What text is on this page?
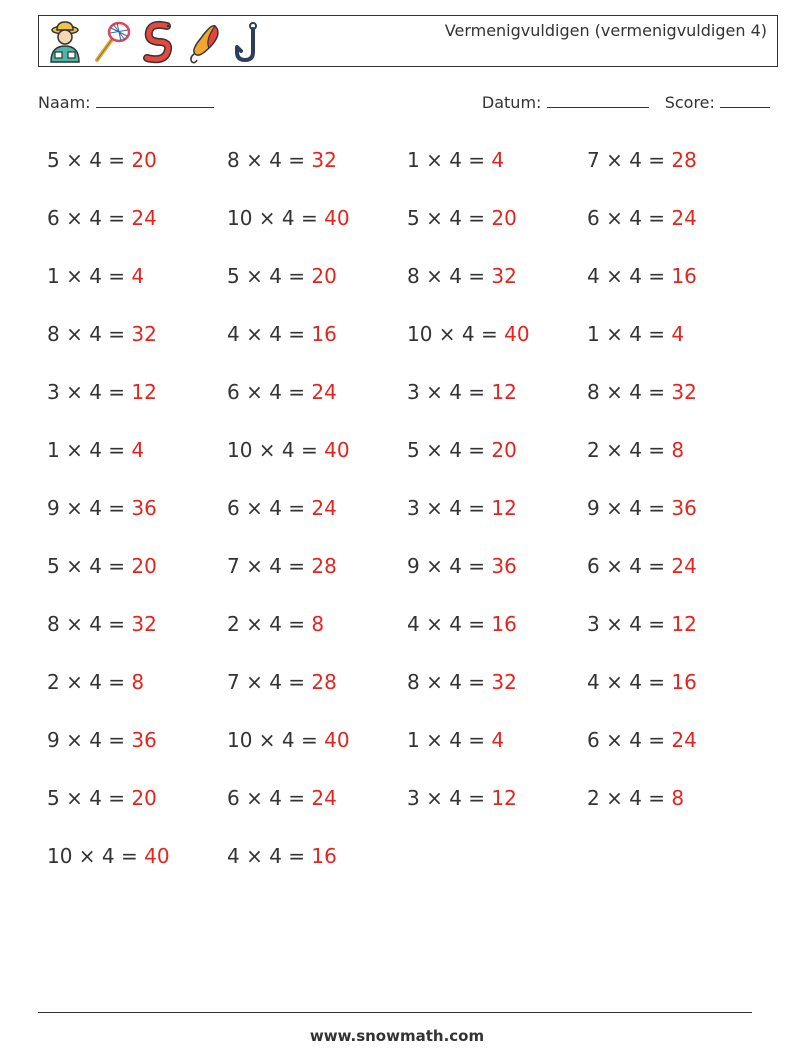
Vermenigvuldigen (vermenigvuldigen 4)
Naam:	Datum:	Score:
5 × 4 = 20	8 × 4 = 32	1 × 4 = 4	7 × 4 = 28
6 × 4 = 24	10 × 4 = 40	5 × 4 = 20	6 × 4 = 24
1 × 4 = 4	5 × 4 = 20	8 × 4 = 32	4 × 4 = 16
8 × 4 = 32	4 × 4 = 16	10 × 4 = 40	1 × 4 = 4
3 × 4 = 12	6 × 4 = 24	3 × 4 = 12	8 × 4 = 32
1 × 4 = 4	10 × 4 = 40	5 × 4 = 20	2 × 4 = 8
9 × 4 = 36	6 × 4 = 24	3 × 4 = 12	9 × 4 = 36
5 × 4 = 20	7 × 4 = 28	9 × 4 = 36	6 × 4 = 24
8 × 4 = 32	2 × 4 = 8	4 × 4 = 16	3 × 4 = 12
2 × 4 = 8	7 × 4 = 28	8 × 4 = 32	4 × 4 = 16
9 × 4 = 36	10 × 4 = 40	1 × 4 = 4	6 × 4 = 24
5 × 4 = 20	6 × 4 = 24	3 × 4 = 12	2 × 4 = 8
10 × 4 = 40	4 × 4 = 16
www.snowmath.com
